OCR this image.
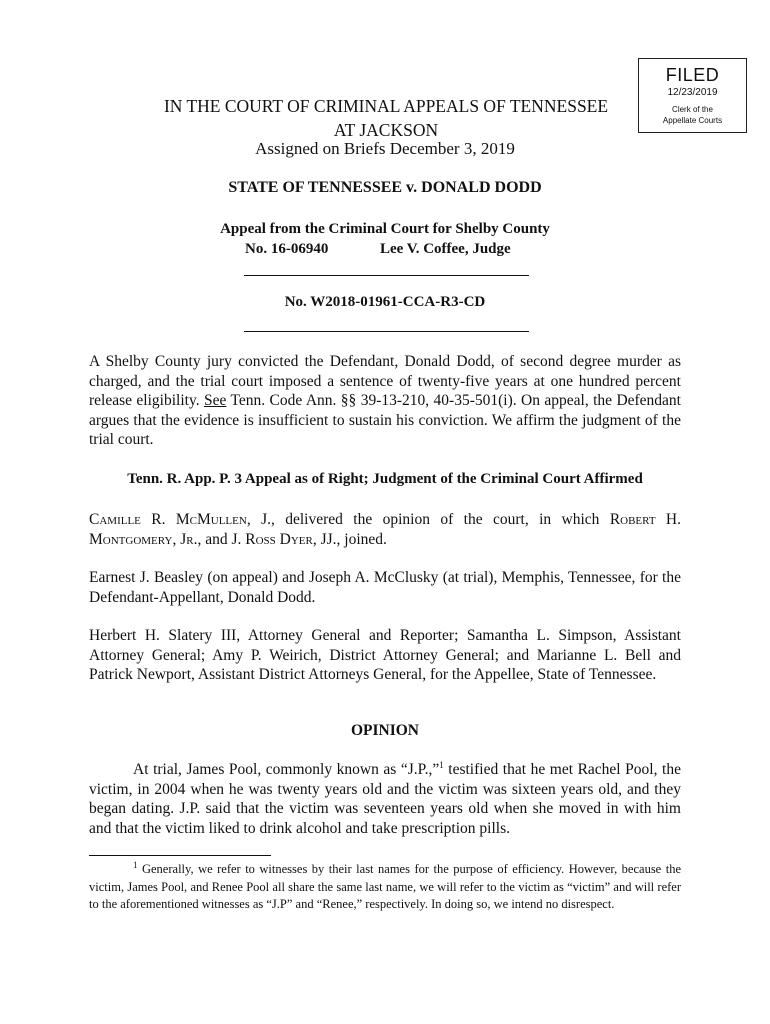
FILED
12/23/2019
Clerk of the
Appellate Courts
IN THE COURT OF CRIMINAL APPEALS OF TENNESSEE
AT JACKSON
Assigned on Briefs December 3, 2019
STATE OF TENNESSEE v. DONALD DODD
Appeal from the Criminal Court for Shelby County
No. 16-06940	Lee V. Coffee, Judge
No. W2018-01961-CCA-R3-CD
A Shelby County jury convicted the Defendant, Donald Dodd, of second degree murder as charged, and the trial court imposed a sentence of twenty-five years at one hundred percent release eligibility. See Tenn. Code Ann. §§ 39-13-210, 40-35-501(i). On appeal, the Defendant argues that the evidence is insufficient to sustain his conviction. We affirm the judgment of the trial court.
Tenn. R. App. P. 3 Appeal as of Right; Judgment of the Criminal Court Affirmed
Camille R. McMullen, J., delivered the opinion of the court, in which Robert H. Montgomery, Jr., and J. Ross Dyer, JJ., joined.
Earnest J. Beasley (on appeal) and Joseph A. McClusky (at trial), Memphis, Tennessee, for the Defendant-Appellant, Donald Dodd.
Herbert H. Slatery III, Attorney General and Reporter; Samantha L. Simpson, Assistant Attorney General; Amy P. Weirich, District Attorney General; and Marianne L. Bell and Patrick Newport, Assistant District Attorneys General, for the Appellee, State of Tennessee.
OPINION
At trial, James Pool, commonly known as “J.P.,”$^1$ testified that he met Rachel Pool, the victim, in 2004 when he was twenty years old and the victim was sixteen years old, and they began dating. J.P. said that the victim was seventeen years old when she moved in with him and that the victim liked to drink alcohol and take prescription pills.
$^1$ Generally, we refer to witnesses by their last names for the purpose of efficiency. However, because the victim, James Pool, and Renee Pool all share the same last name, we will refer to the victim as “victim” and will refer to the aforementioned witnesses as “J.P” and “Renee,” respectively. In doing so, we intend no disrespect.
